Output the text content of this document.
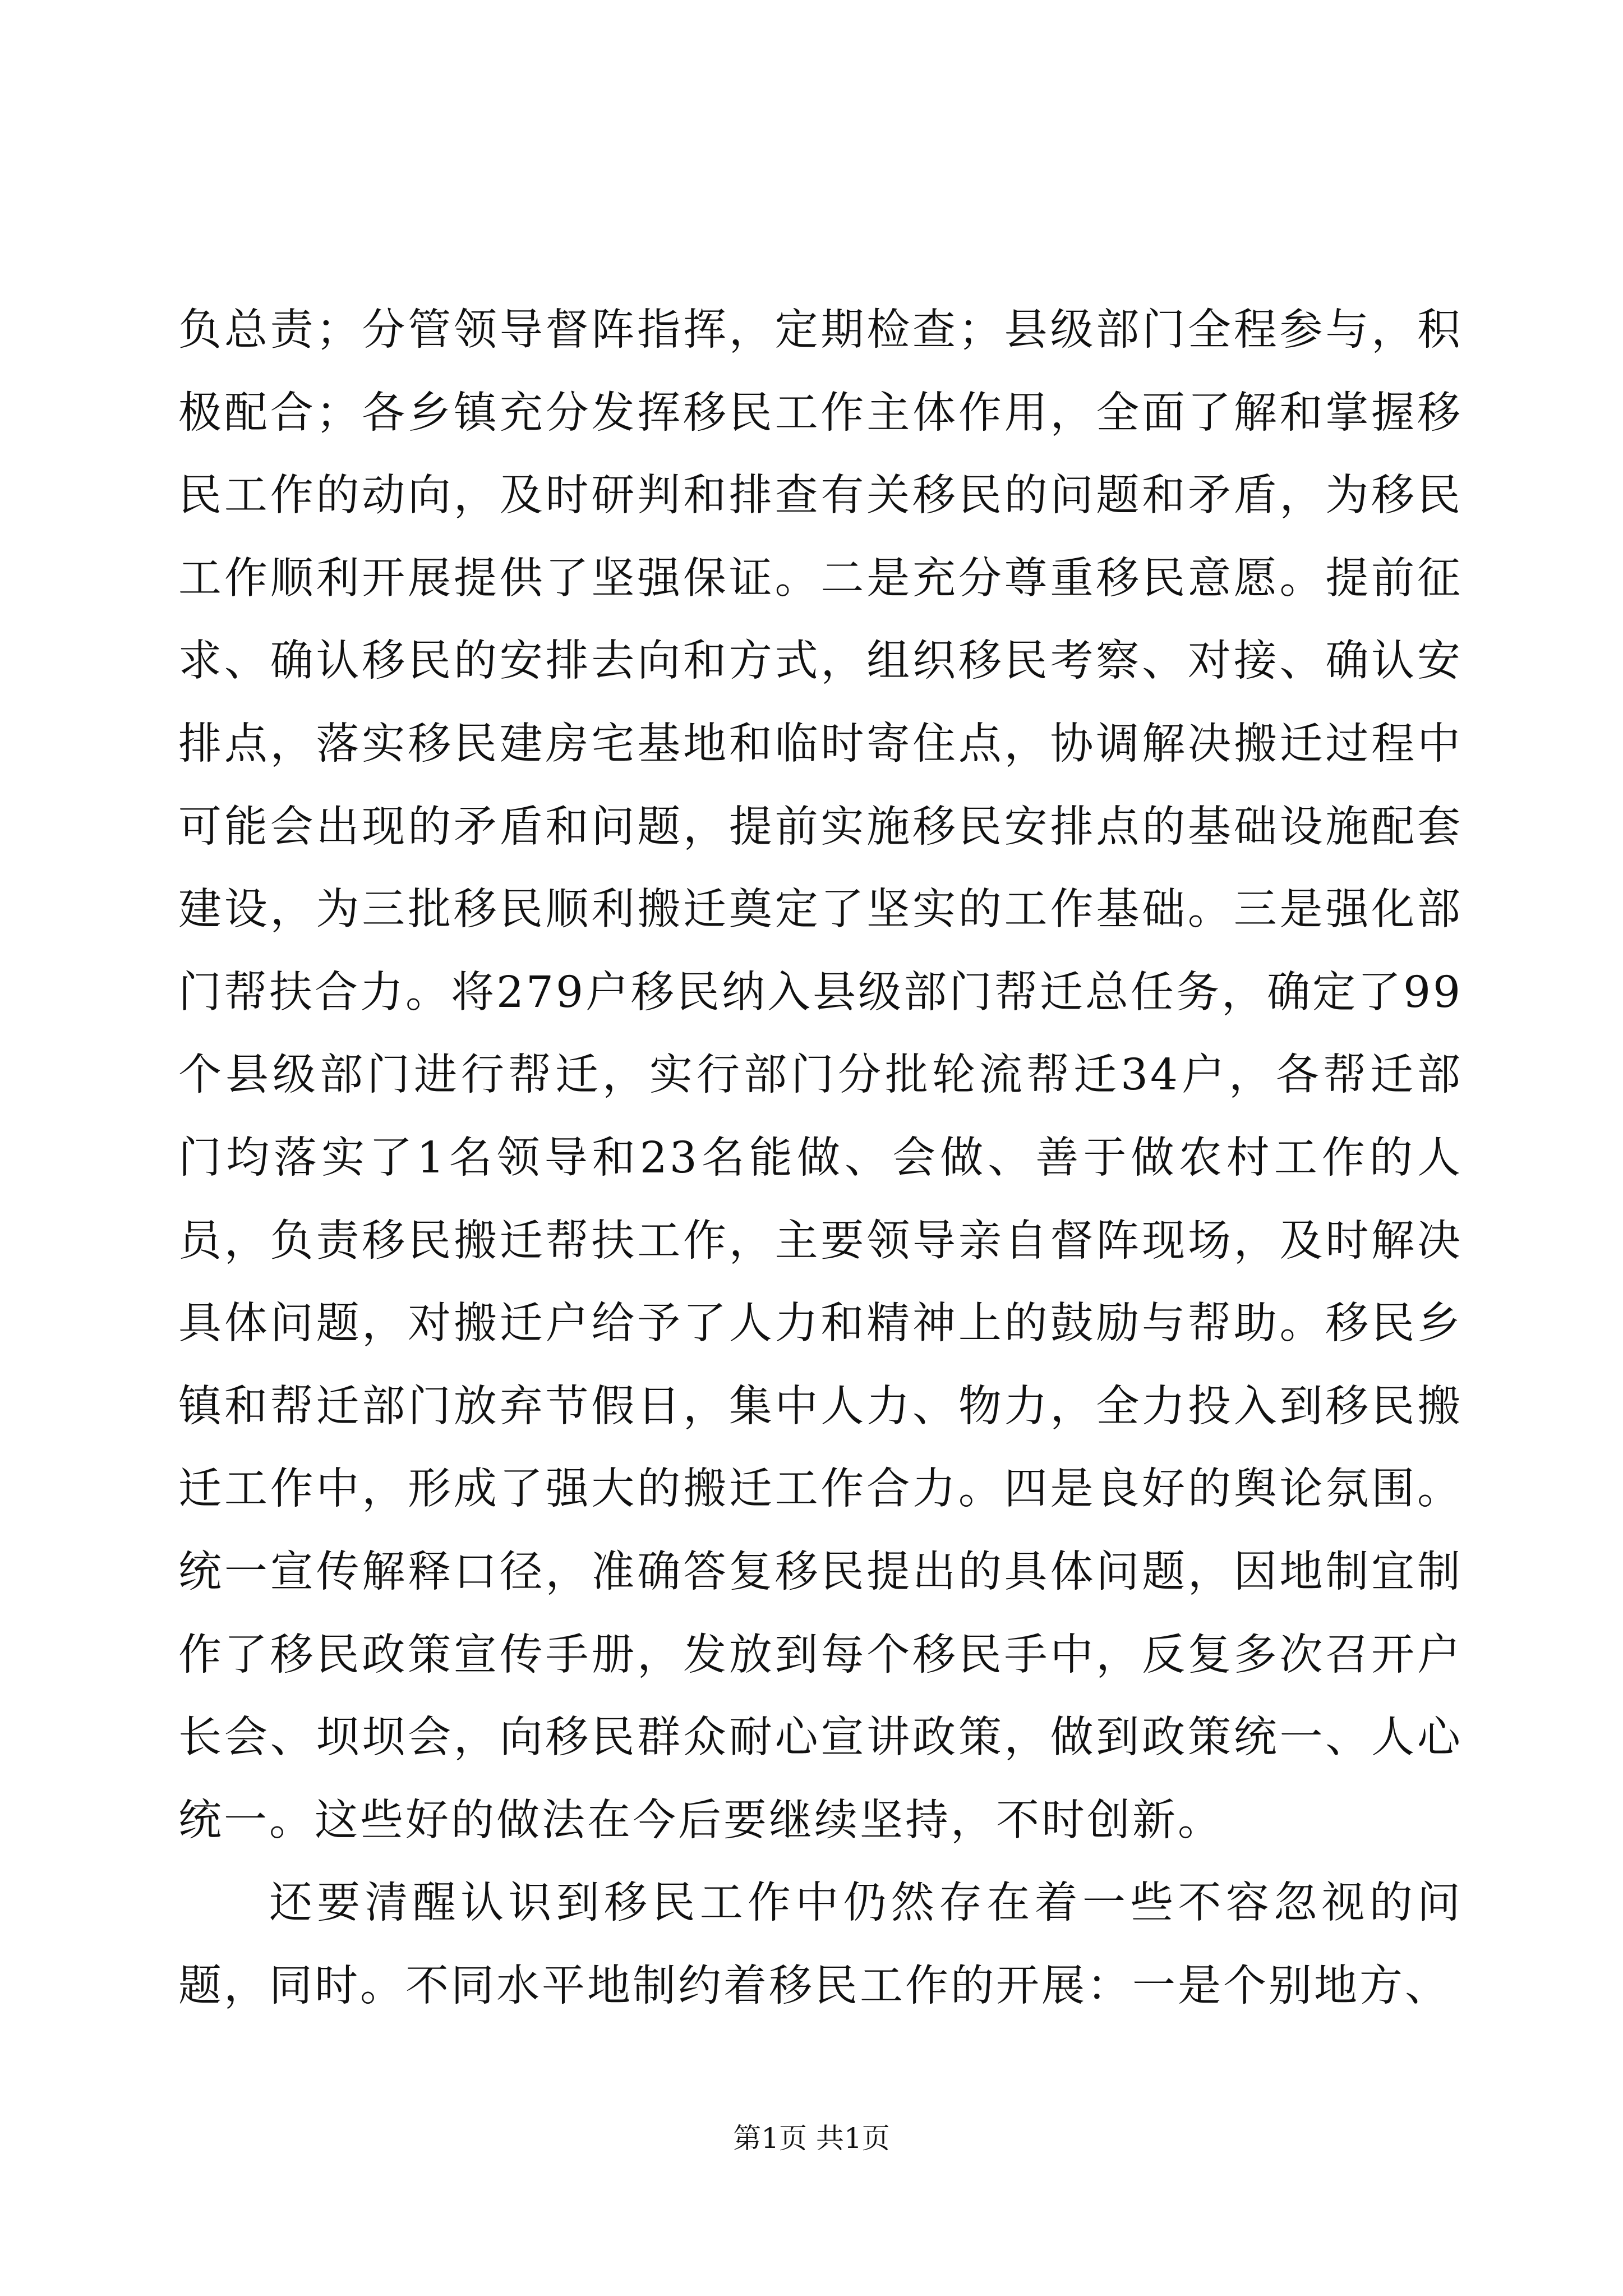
负总责；分管领导督阵指挥，定期检查；县级部门全程参与，积极配合；各乡镇充分发挥移民工作主体作用，全面了解和掌握移民工作的动向，及时研判和排查有关移民的问题和矛盾，为移民工作顺利开展提供了坚强保证。二是充分尊重移民意愿。提前征求、确认移民的安排去向和方式，组织移民考察、对接、确认安排点，落实移民建房宅基地和临时寄住点，协调解决搬迁过程中可能会出现的矛盾和问题，提前实施移民安排点的基础设施配套建设，为三批移民顺利搬迁奠定了坚实的工作基础。三是强化部门帮扶合力。将279户移民纳入县级部门帮迁总任务，确定了99个县级部门进行帮迁，实行部门分批轮流帮迁34户，各帮迁部门均落实了1名领导和23名能做、会做、善于做农村工作的人员，负责移民搬迁帮扶工作，主要领导亲自督阵现场，及时解决具体问题，对搬迁户给予了人力和精神上的鼓励与帮助。移民乡镇和帮迁部门放弃节假日，集中人力、物力，全力投入到移民搬迁工作中，形成了强大的搬迁工作合力。四是良好的舆论氛围。统一宣传解释口径，准确答复移民提出的具体问题，因地制宜制作了移民政策宣传手册，发放到每个移民手中，反复多次召开户长会、坝坝会，向移民群众耐心宣讲政策，做到政策统一、人心统一。这些好的做法在今后要继续坚持，不时创新。

还要清醒认识到移民工作中仍然存在着一些不容忽视的问题，同时。不同水平地制约着移民工作的开展：一是个别地方、

第1页 共1页
